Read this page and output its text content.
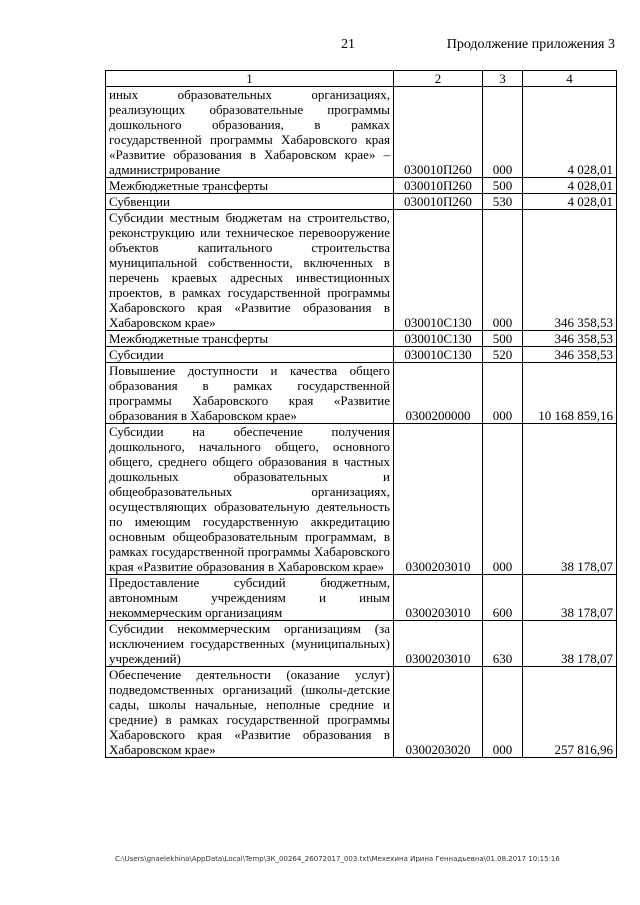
21	Продолжение приложения 3
1	2	3	4
иных образовательных организациях, реализующих образовательные программы дошкольного образования, в рамках государственной программы Хабаровского края «Развитие образования в Хабаровском крае» – администрирование	030010П260	000	4 028,01
Межбюджетные трансферты	030010П260	500	4 028,01
Субвенции	030010П260	530	4 028,01
Субсидии местным бюджетам на строительство, реконструкцию или техническое перевооружение объектов капитального строительства муниципальной собственности, включенных в перечень краевых адресных инвестиционных проектов, в рамках государственной программы Хабаровского края «Развитие образования в Хабаровском крае»	030010С130	000	346 358,53
Межбюджетные трансферты	030010С130	500	346 358,53
Субсидии	030010С130	520	346 358,53
Повышение доступности и качества общего образования в рамках государственной программы Хабаровского края «Развитие образования в Хабаровском крае»	0300200000	000	10 168 859,16
Субсидии на обеспечение получения дошкольного, начального общего, основного общего, среднего общего образования в частных дошкольных образовательных и общеобразовательных организациях, осуществляющих образовательную деятельность по имеющим государственную аккредитацию основным общеобразовательным программам, в рамках государственной программы Хабаровского края «Развитие образования в Хабаровском крае»	0300203010	000	38 178,07
Предоставление субсидий бюджетным, автономным учреждениям и иным некоммерческим организациям	0300203010	600	38 178,07
Субсидии некоммерческим организациям (за исключением государственных (муниципальных) учреждений)	0300203010	630	38 178,07
Обеспечение деятельности (оказание услуг) подведомственных организаций (школы-детские сады, школы начальные, неполные средние и средние) в рамках государственной программы Хабаровского края «Развитие образования в Хабаровском крае»	0300203020	000	257 816,96
C:\Users\gnaelekhina\AppData\Local\Temp\ЗК_00264_26072017_003.txt\Мехехина Ирина Геннадьевна\01.08.2017 10:15:16
